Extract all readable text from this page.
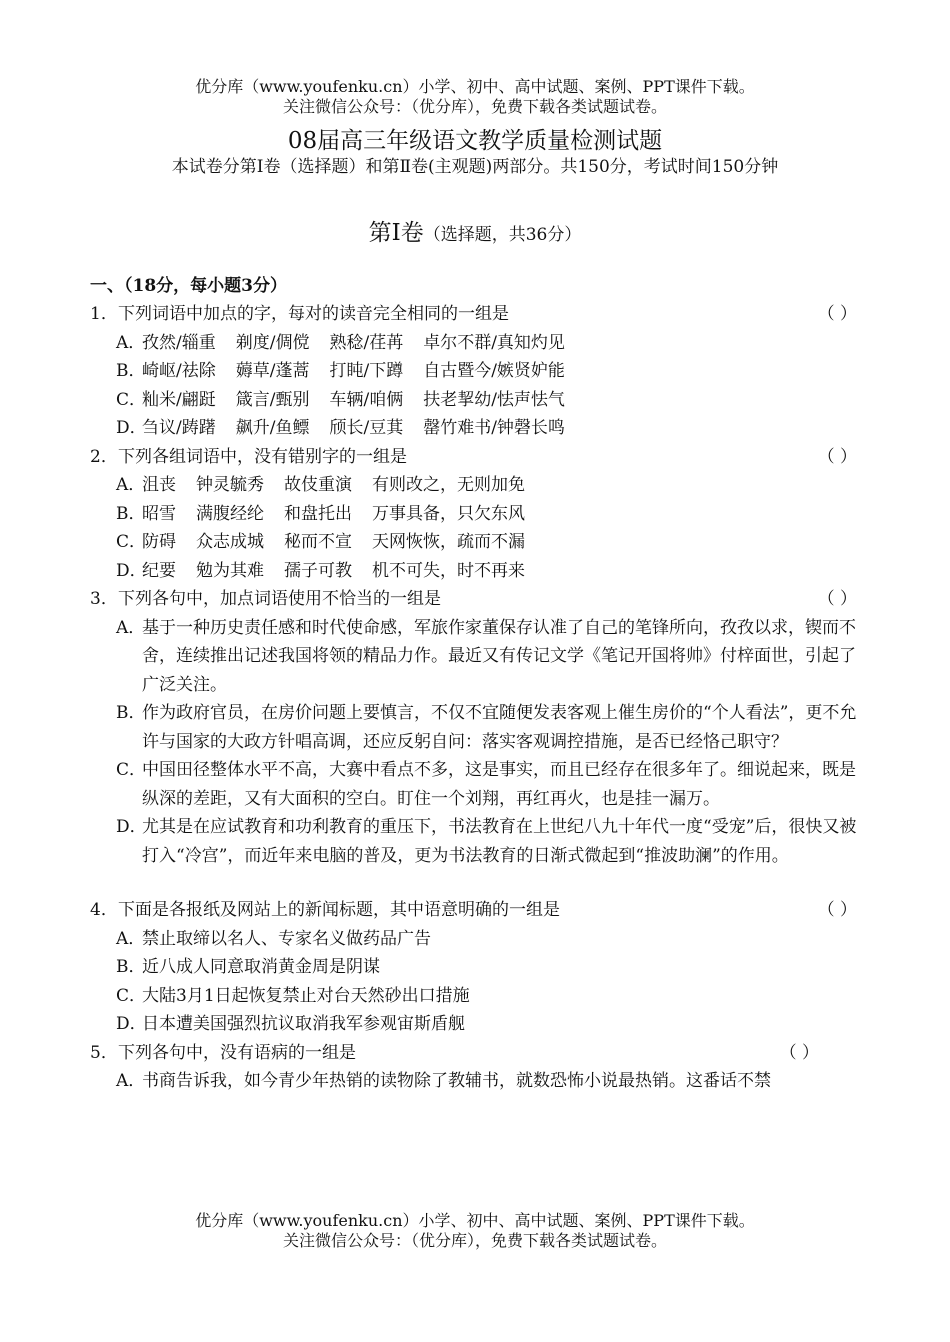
优分库（www.youfenku.cn）小学、初中、高中试题、案例、PPT课件下载。
关注微信公众号：（优分库），免费下载各类试题试卷。
08届高三年级语文教学质量检测试题
本试卷分第Ⅰ卷（选择题）和第Ⅱ卷(主观题)两部分。共150分，考试时间150分钟
第Ⅰ卷（选择题，共36分）
一、（18分，每小题3分）
1． 下列词语中加点的字，每对的读音完全相同的一组是	（ ）
A．
孜然/辎重 剃度/倜傥 熟稔/荏苒 卓尔不群/真知灼见
B．
崎岖/祛除 薅草/蓬蒿 打盹/下蹲 自古暨今/嫉贤妒能
C．
籼米/翩跹 箴言/甄别 车辆/咱俩 扶老挈幼/怯声怯气
D．
刍议/踌躇 飙升/鱼鳔 颀长/豆萁 罄竹难书/钟磬长鸣
2． 下列各组词语中，没有错别字的一组是	（ ）
A．
沮丧 钟灵毓秀 故伎重演 有则改之，无则加免
B．
昭雪 满腹经纶 和盘托出 万事具备，只欠东风
C．
防碍 众志成城 秘而不宣 天网恢恢，疏而不漏
D．
纪要 勉为其难 孺子可教 机不可失，时不再来
3． 下列各句中，加点词语使用不恰当的一组是	（ ）
A．
基于一种历史责任感和时代使命感，军旅作家董保存认准了自己的笔锋所向，孜孜以求，锲而不舍，连续推出记述我国将领的精品力作。最近又有传记文学《笔记开国将帅》付梓面世，引起了广泛关注。
B．
作为政府官员，在房价问题上要慎言，不仅不宜随便发表客观上催生房价的“个人看法”，更不允许与国家的大政方针唱高调，还应反躬自问：落实客观调控措施，是否已经恪己职守？
C．
中国田径整体水平不高，大赛中看点不多，这是事实，而且已经存在很多年了。细说起来，既是纵深的差距，又有大面积的空白。盯住一个刘翔，再红再火，也是挂一漏万。
D．
尤其是在应试教育和功利教育的重压下，书法教育在上世纪八九十年代一度“受宠”后，很快又被打入“冷宫”，而近年来电脑的普及，更为书法教育的日渐式微起到“推波助澜”的作用。
4． 下面是各报纸及网站上的新闻标题，其中语意明确的一组是	（ ）
A．
禁止取缔以名人、专家名义做药品广告
B．
近八成人同意取消黄金周是阴谋
C．
大陆3月1日起恢复禁止对台天然砂出口措施
D．
日本遭美国强烈抗议取消我军参观宙斯盾舰
5． 下列各句中，没有语病的一组是	（ ）
A．
书商告诉我，如今青少年热销的读物除了教辅书，就数恐怖小说最热销。这番话不禁
优分库（www.youfenku.cn）小学、初中、高中试题、案例、PPT课件下载。
关注微信公众号：（优分库），免费下载各类试题试卷。
